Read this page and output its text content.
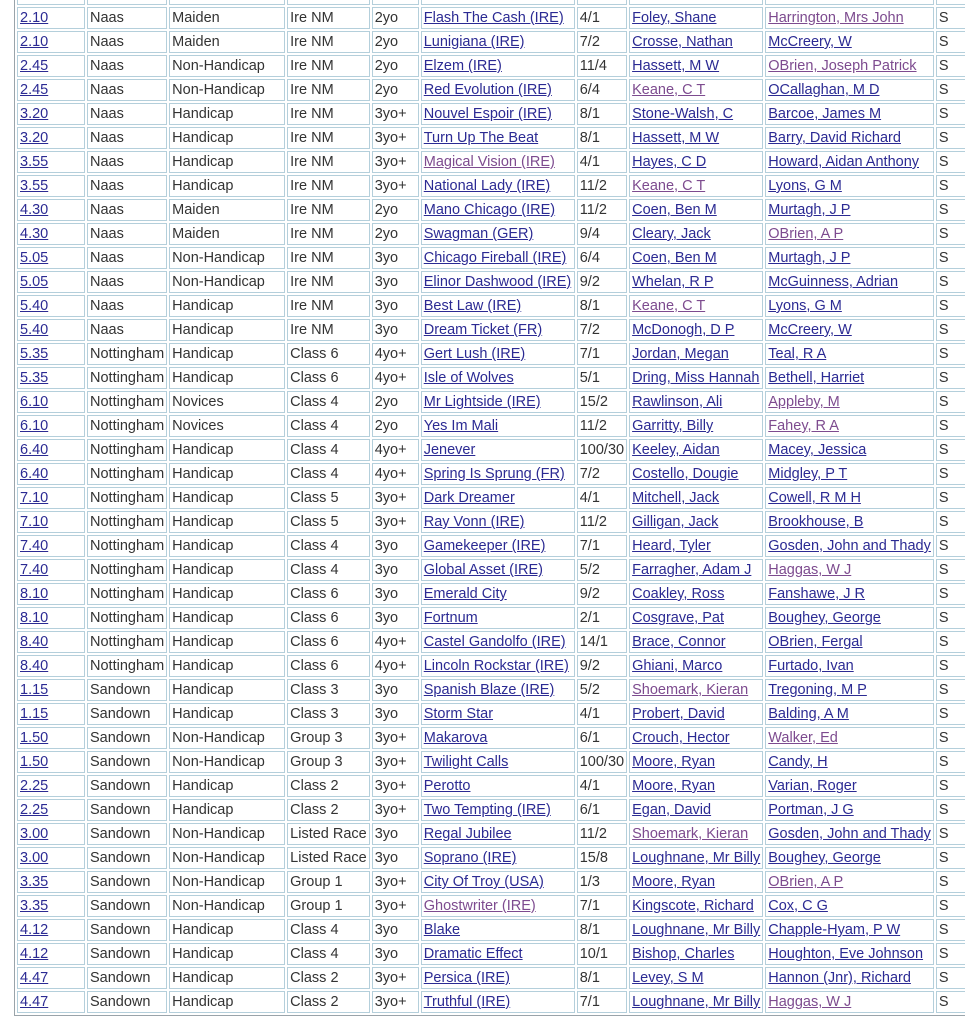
2.10	Naas	Maiden	Ire NM	2yo	Flash The Cash (IRE)	4/1	Foley, Shane	Harrington, Mrs John	S
2.10	Naas	Maiden	Ire NM	2yo	Lunigiana (IRE)	7/2	Crosse, Nathan	McCreery, W	S
2.45	Naas	Non-Handicap	Ire NM	2yo	Elzem (IRE)	11/4	Hassett, M W	OBrien, Joseph Patrick	S
2.45	Naas	Non-Handicap	Ire NM	2yo	Red Evolution (IRE)	6/4	Keane, C T	OCallaghan, M D	S
3.20	Naas	Handicap	Ire NM	3yo+	Nouvel Espoir (IRE)	8/1	Stone-Walsh, C	Barcoe, James M	S
3.20	Naas	Handicap	Ire NM	3yo+	Turn Up The Beat	8/1	Hassett, M W	Barry, David Richard	S
3.55	Naas	Handicap	Ire NM	3yo+	Magical Vision (IRE)	4/1	Hayes, C D	Howard, Aidan Anthony	S
3.55	Naas	Handicap	Ire NM	3yo+	National Lady (IRE)	11/2	Keane, C T	Lyons, G M	S
4.30	Naas	Maiden	Ire NM	2yo	Mano Chicago (IRE)	11/2	Coen, Ben M	Murtagh, J P	S
4.30	Naas	Maiden	Ire NM	2yo	Swagman (GER)	9/4	Cleary, Jack	OBrien, A P	S
5.05	Naas	Non-Handicap	Ire NM	3yo	Chicago Fireball (IRE)	6/4	Coen, Ben M	Murtagh, J P	S
5.05	Naas	Non-Handicap	Ire NM	3yo	Elinor Dashwood (IRE)	9/2	Whelan, R P	McGuinness, Adrian	S
5.40	Naas	Handicap	Ire NM	3yo	Best Law (IRE)	8/1	Keane, C T	Lyons, G M	S
5.40	Naas	Handicap	Ire NM	3yo	Dream Ticket (FR)	7/2	McDonogh, D P	McCreery, W	S
5.35	Nottingham	Handicap	Class 6	4yo+	Gert Lush (IRE)	7/1	Jordan, Megan	Teal, R A	S
5.35	Nottingham	Handicap	Class 6	4yo+	Isle of Wolves	5/1	Dring, Miss Hannah	Bethell, Harriet	S
6.10	Nottingham	Novices	Class 4	2yo	Mr Lightside (IRE)	15/2	Rawlinson, Ali	Appleby, M	S
6.10	Nottingham	Novices	Class 4	2yo	Yes Im Mali	11/2	Garritty, Billy	Fahey, R A	S
6.40	Nottingham	Handicap	Class 4	4yo+	Jenever	100/30	Keeley, Aidan	Macey, Jessica	S
6.40	Nottingham	Handicap	Class 4	4yo+	Spring Is Sprung (FR)	7/2	Costello, Dougie	Midgley, P T	S
7.10	Nottingham	Handicap	Class 5	3yo+	Dark Dreamer	4/1	Mitchell, Jack	Cowell, R M H	S
7.10	Nottingham	Handicap	Class 5	3yo+	Ray Vonn (IRE)	11/2	Gilligan, Jack	Brookhouse, B	S
7.40	Nottingham	Handicap	Class 4	3yo	Gamekeeper (IRE)	7/1	Heard, Tyler	Gosden, John and Thady	S
7.40	Nottingham	Handicap	Class 4	3yo	Global Asset (IRE)	5/2	Farragher, Adam J	Haggas, W J	S
8.10	Nottingham	Handicap	Class 6	3yo	Emerald City	9/2	Coakley, Ross	Fanshawe, J R	S
8.10	Nottingham	Handicap	Class 6	3yo	Fortnum	2/1	Cosgrave, Pat	Boughey, George	S
8.40	Nottingham	Handicap	Class 6	4yo+	Castel Gandolfo (IRE)	14/1	Brace, Connor	OBrien, Fergal	S
8.40	Nottingham	Handicap	Class 6	4yo+	Lincoln Rockstar (IRE)	9/2	Ghiani, Marco	Furtado, Ivan	S
1.15	Sandown	Handicap	Class 3	3yo	Spanish Blaze (IRE)	5/2	Shoemark, Kieran	Tregoning, M P	S
1.15	Sandown	Handicap	Class 3	3yo	Storm Star	4/1	Probert, David	Balding, A M	S
1.50	Sandown	Non-Handicap	Group 3	3yo+	Makarova	6/1	Crouch, Hector	Walker, Ed	S
1.50	Sandown	Non-Handicap	Group 3	3yo+	Twilight Calls	100/30	Moore, Ryan	Candy, H	S
2.25	Sandown	Handicap	Class 2	3yo+	Perotto	4/1	Moore, Ryan	Varian, Roger	S
2.25	Sandown	Handicap	Class 2	3yo+	Two Tempting (IRE)	6/1	Egan, David	Portman, J G	S
3.00	Sandown	Non-Handicap	Listed Race	3yo	Regal Jubilee	11/2	Shoemark, Kieran	Gosden, John and Thady	S
3.00	Sandown	Non-Handicap	Listed Race	3yo	Soprano (IRE)	15/8	Loughnane, Mr Billy	Boughey, George	S
3.35	Sandown	Non-Handicap	Group 1	3yo+	City Of Troy (USA)	1/3	Moore, Ryan	OBrien, A P	S
3.35	Sandown	Non-Handicap	Group 1	3yo+	Ghostwriter (IRE)	7/1	Kingscote, Richard	Cox, C G	S
4.12	Sandown	Handicap	Class 4	3yo	Blake	8/1	Loughnane, Mr Billy	Chapple-Hyam, P W	S
4.12	Sandown	Handicap	Class 4	3yo	Dramatic Effect	10/1	Bishop, Charles	Houghton, Eve Johnson	S
4.47	Sandown	Handicap	Class 2	3yo+	Persica (IRE)	8/1	Levey, S M	Hannon (Jnr), Richard	S
4.47	Sandown	Handicap	Class 2	3yo+	Truthful (IRE)	7/1	Loughnane, Mr Billy	Haggas, W J	S
